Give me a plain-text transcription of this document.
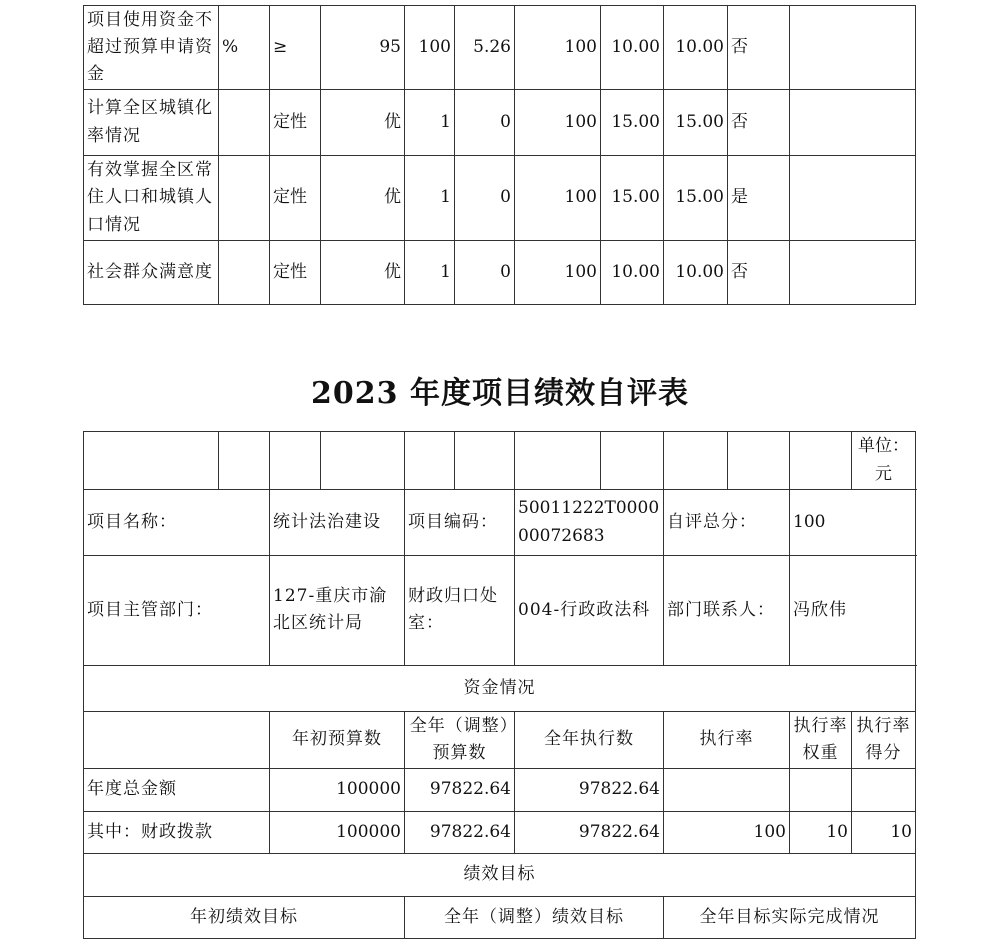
项目使用资金不超过预算申请资金	%	≥	95	100	5.26	100	10.00	10.00	否	
计算全区城镇化率情况		定性	优	1	0	100	15.00	15.00	否	
有效掌握全区常住人口和城镇人口情况		定性	优	1	0	100	15.00	15.00	是	
社会群众满意度		定性	优	1	0	100	10.00	10.00	否	
2023 年度项目绩效自评表
											单位：元	
项目名称：		统计法治建设		项目编码：		50011222T000000072683		自评总分：		100		
项目主管部门：		127-重庆市渝北区统计局		财政归口处室：		004-行政政法科		部门联系人：		冯欣伟		
资金情况												
		年初预算数		全年（调整）预算数		全年执行数		执行率		执行率权重	执行率得分	
年度总金额		100000		97822.64		97822.64						
其中：财政拨款		100000		97822.64		97822.64		100		10	10	
绩效目标												
年初绩效目标				全年（调整）绩效目标				全年目标实际完成情况				
